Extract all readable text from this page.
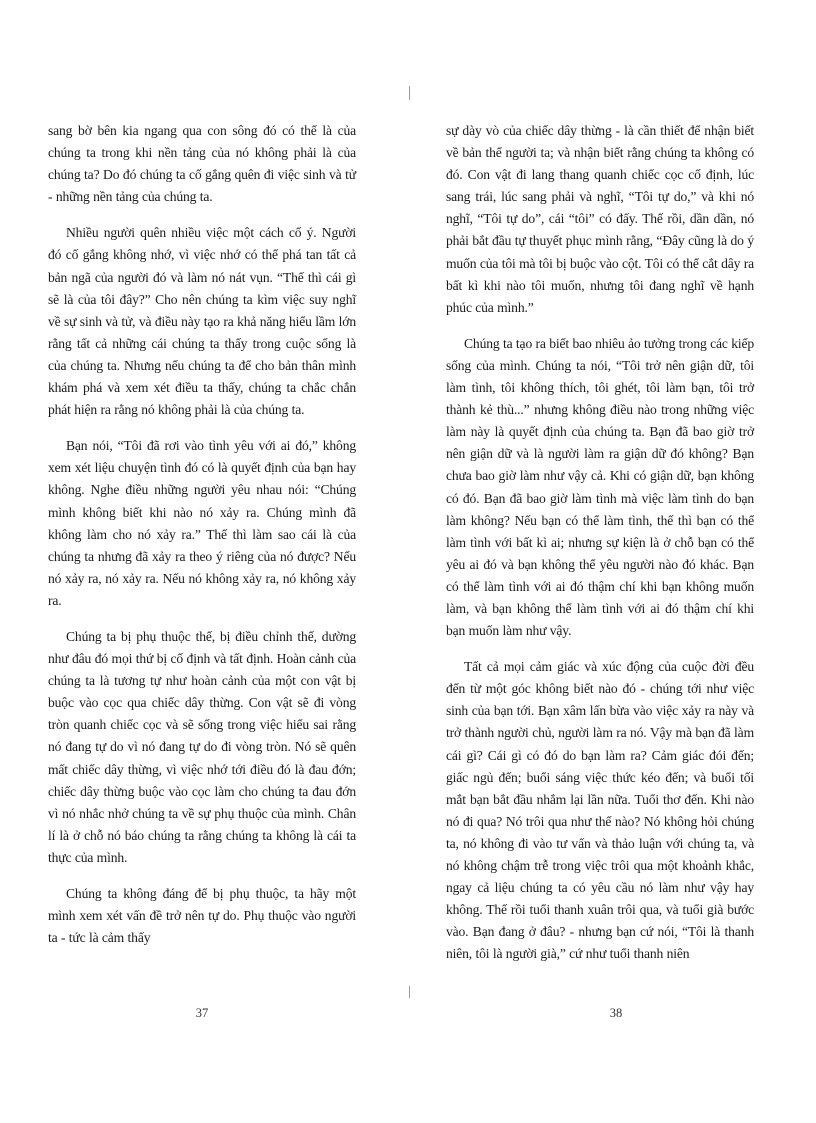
sang bờ bên kia ngang qua con sông đó có thể là của chúng ta trong khi nền tảng của nó không phải là của chúng ta? Do đó chúng ta cố gắng quên đi việc sinh và tử - những nền tảng của chúng ta.

Nhiều người quên nhiều việc một cách cố ý. Người đó cố gắng không nhớ, vì việc nhớ có thể phá tan tất cả bản ngã của người đó và làm nó nát vụn. “Thế thì cái gì sẽ là của tôi đây?” Cho nên chúng ta kìm việc suy nghĩ về sự sinh và tử, và điều này tạo ra khả năng hiểu lầm lớn rằng tất cả những cái chúng ta thấy trong cuộc sống là của chúng ta. Nhưng nếu chúng ta để cho bản thân mình khám phá và xem xét điều ta thấy, chúng ta chắc chắn phát hiện ra rằng nó không phải là của chúng ta.

Bạn nói, “Tôi đã rơi vào tình yêu với ai đó,” không xem xét liệu chuyện tình đó có là quyết định của bạn hay không. Nghe điều những người yêu nhau nói: “Chúng mình không biết khi nào nó xảy ra. Chúng mình đã không làm cho nó xảy ra.” Thế thì làm sao cái là của chúng ta nhưng đã xảy ra theo ý riêng của nó được? Nếu nó xảy ra, nó xảy ra. Nếu nó không xảy ra, nó không xảy ra.

Chúng ta bị phụ thuộc thế, bị điều chỉnh thế, dường như đâu đó mọi thứ bị cố định và tất định. Hoàn cảnh của chúng ta là tương tự như hoàn cảnh của một con vật bị buộc vào cọc qua chiếc dây thừng. Con vật sẽ đi vòng tròn quanh chiếc cọc và sẽ sống trong việc hiểu sai rằng nó đang tự do vì nó đang tự do đi vòng tròn. Nó sẽ quên mất chiếc dây thừng, vì việc nhớ tới điều đó là đau đớn; chiếc dây thừng buộc vào cọc làm cho chúng ta đau đớn vì nó nhắc nhở chúng ta về sự phụ thuộc của mình. Chân lí là ở chỗ nó báo chúng ta rằng chúng ta không là cái ta thực của mình.

Chúng ta không đáng để bị phụ thuộc, ta hãy một mình xem xét vấn đề trở nên tự do. Phụ thuộc vào người ta - tức là cảm thấy

sự dày vò của chiếc dây thừng - là cần thiết để nhận biết về bản thể người ta; và nhận biết rằng chúng ta không có đó. Con vật đi lang thang quanh chiếc cọc cố định, lúc sang trái, lúc sang phải và nghĩ, “Tôi tự do,” và khi nó nghĩ, “Tôi tự do”, cái “tôi” có đấy. Thế rồi, dần dần, nó phải bắt đầu tự thuyết phục mình rằng, “Đây cũng là do ý muốn của tôi mà tôi bị buộc vào cột. Tôi có thể cắt dây ra bất kì khi nào tôi muốn, nhưng tôi đang nghĩ về hạnh phúc của mình.”

Chúng ta tạo ra biết bao nhiêu ảo tưởng trong các kiếp sống của mình. Chúng ta nói, “Tôi trở nên giận dữ, tôi làm tình, tôi không thích, tôi ghét, tôi làm bạn, tôi trở thành kẻ thù...” nhưng không điều nào trong những việc làm này là quyết định của chúng ta. Bạn đã bao giờ trở nên giận dữ và là người làm ra giận dữ đó không? Bạn chưa bao giờ làm như vậy cả. Khi có giận dữ, bạn không có đó. Bạn đã bao giờ làm tình mà việc làm tình do bạn làm không? Nếu bạn có thể làm tình, thế thì bạn có thể làm tình với bất kì ai; nhưng sự kiện là ở chỗ bạn có thể yêu ai đó và bạn không thể yêu người nào đó khác. Bạn có thể làm tình với ai đó thậm chí khi bạn không muốn làm, và bạn không thể làm tình với ai đó thậm chí khi bạn muốn làm như vậy.

Tất cả mọi cảm giác và xúc động của cuộc đời đều đến từ một góc không biết nào đó - chúng tới như việc sinh của bạn tới. Bạn xâm lấn bừa vào việc xảy ra này và trở thành người chủ, người làm ra nó. Vậy mà bạn đã làm cái gì? Cái gì có đó do bạn làm ra? Cảm giác đói đến; giấc ngủ đến; buổi sáng việc thức kéo đến; và buổi tối mắt bạn bắt đầu nhắm lại lần nữa. Tuổi thơ đến. Khi nào nó đi qua? Nó trôi qua như thế nào? Nó không hỏi chúng ta, nó không đi vào tư vấn và thảo luận với chúng ta, và nó không chậm trễ trong việc trôi qua một khoảnh khắc, ngay cả liệu chúng ta có yêu cầu nó làm như vậy hay không. Thế rồi tuổi thanh xuân trôi qua, và tuổi già bước vào. Bạn đang ở đâu? - nhưng bạn cứ nói, “Tôi là thanh niên, tôi là người già,” cứ như tuổi thanh niên

37	38
